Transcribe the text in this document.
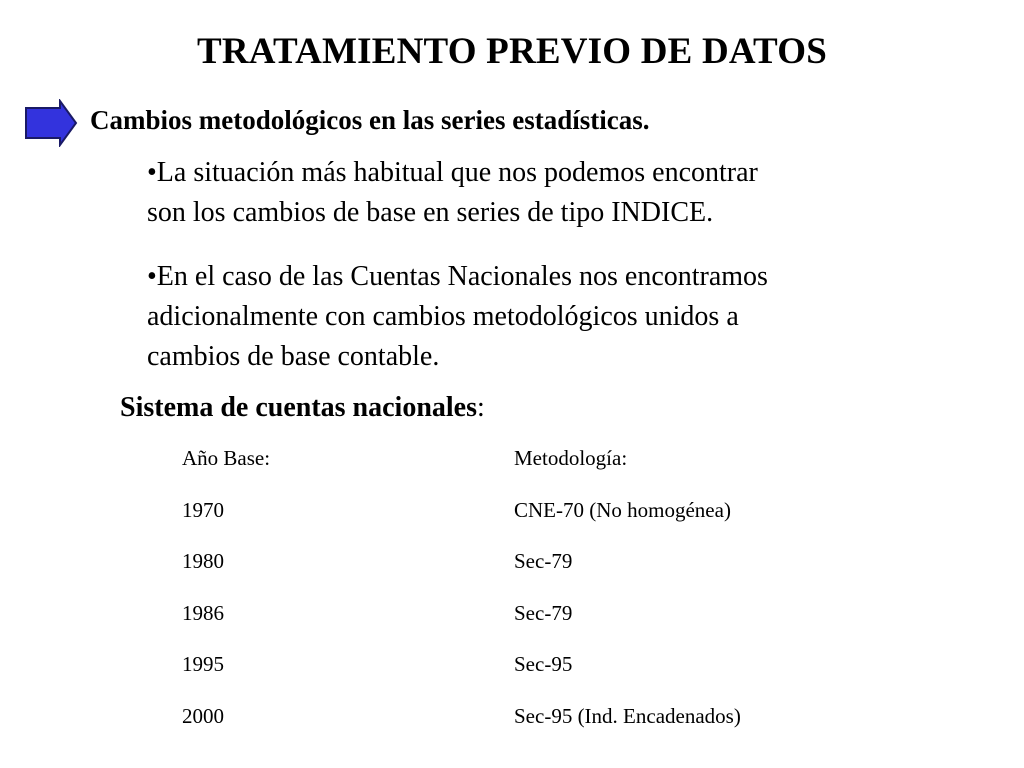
TRATAMIENTO PREVIO DE DATOS
Cambios metodológicos en las series estadísticas.
•La situación más habitual que nos podemos encontrar
son los cambios de base en series de tipo INDICE.
•En el caso de las Cuentas Nacionales nos encontramos
adicionalmente con cambios metodológicos unidos a
cambios de base contable.
Sistema de cuentas nacionales:
Año Base:	Metodología:
1970	CNE-70 (No homogénea)
1980	Sec-79
1986	Sec-79
1995	Sec-95
2000	Sec-95 (Ind. Encadenados)
